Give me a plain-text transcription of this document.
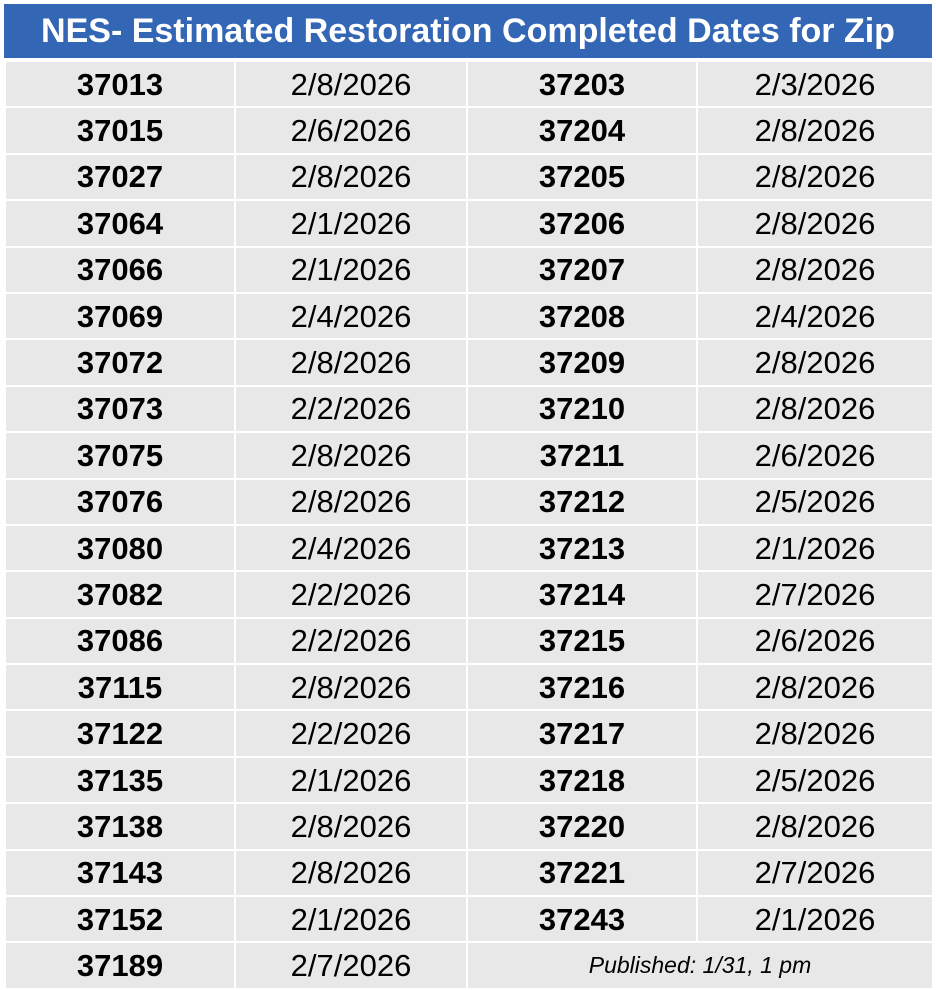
NES- Estimated Restoration Completed Dates for Zip
37013	2/8/2026	37203	2/3/2026
37015	2/6/2026	37204	2/8/2026
37027	2/8/2026	37205	2/8/2026
37064	2/1/2026	37206	2/8/2026
37066	2/1/2026	37207	2/8/2026
37069	2/4/2026	37208	2/4/2026
37072	2/8/2026	37209	2/8/2026
37073	2/2/2026	37210	2/8/2026
37075	2/8/2026	37211	2/6/2026
37076	2/8/2026	37212	2/5/2026
37080	2/4/2026	37213	2/1/2026
37082	2/2/2026	37214	2/7/2026
37086	2/2/2026	37215	2/6/2026
37115	2/8/2026	37216	2/8/2026
37122	2/2/2026	37217	2/8/2026
37135	2/1/2026	37218	2/5/2026
37138	2/8/2026	37220	2/8/2026
37143	2/8/2026	37221	2/7/2026
37152	2/1/2026	37243	2/1/2026
37189	2/7/2026	Published: 1/31, 1 pm	
